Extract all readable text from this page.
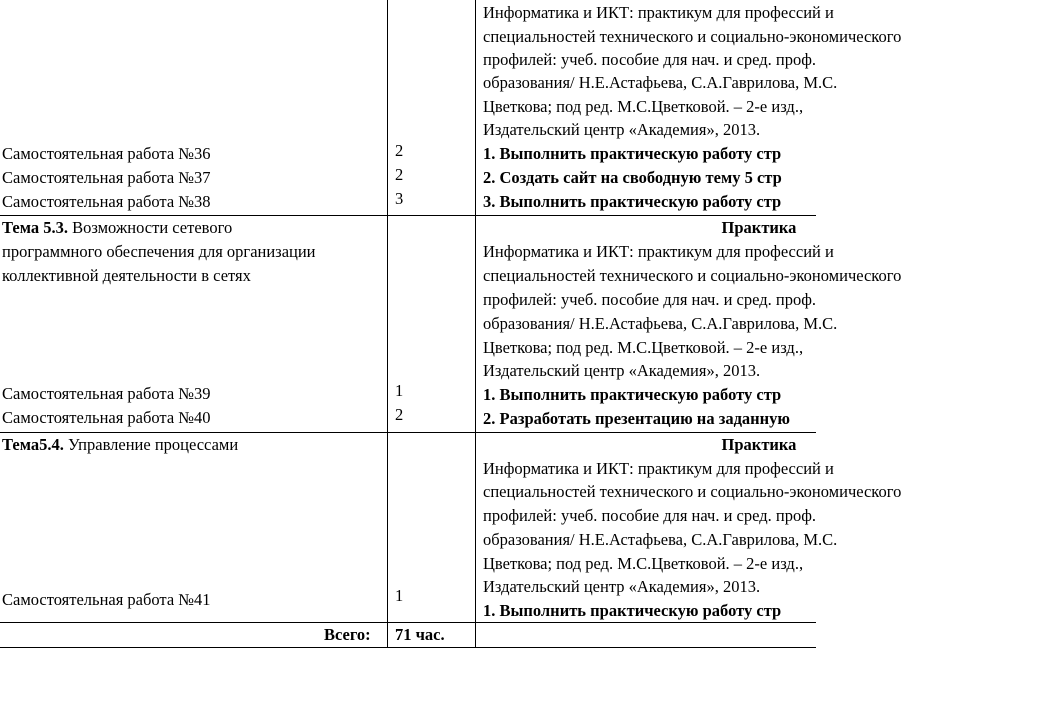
Информатика и ИКТ: практикум для профессий и
специальностей технического и социально-экономического
профилей: учеб. пособие для нач. и сред. проф.
образования/ Н.Е.Астафьева, С.А.Гаврилова, М.С.
Цветкова; под ред. М.С.Цветковой. – 2-е изд.,
Издательский центр «Академия», 2013.
Самостоятельная работа №36
Самостоятельная работа №37
Самостоятельная работа №38
2
2
3
1. Выполнить практическую работу стр
2. Создать сайт на свободную тему 5 стр
3. Выполнить практическую работу стр
Тема 5.3. Возможности сетевого
программного обеспечения для организации
коллективной деятельности в сетях
Практика
Информатика и ИКТ: практикум для профессий и
специальностей технического и социально-экономического
профилей: учеб. пособие для нач. и сред. проф.
образования/ Н.Е.Астафьева, С.А.Гаврилова, М.С.
Цветкова; под ред. М.С.Цветковой. – 2-е изд.,
Издательский центр «Академия», 2013.
Самостоятельная работа №39
Самостоятельная работа №40
1
2
1. Выполнить практическую работу стр
2. Разработать презентацию на заданную
Тема5.4. Управление процессами	Практика
Информатика и ИКТ: практикум для профессий и
специальностей технического и социально-экономического
профилей: учеб. пособие для нач. и сред. проф.
образования/ Н.Е.Астафьева, С.А.Гаврилова, М.С.
Цветкова; под ред. М.С.Цветковой. – 2-е изд.,
Издательский центр «Академия», 2013.
Самостоятельная работа №41	1
1. Выполнить практическую работу стр
Всего: 71 час.
